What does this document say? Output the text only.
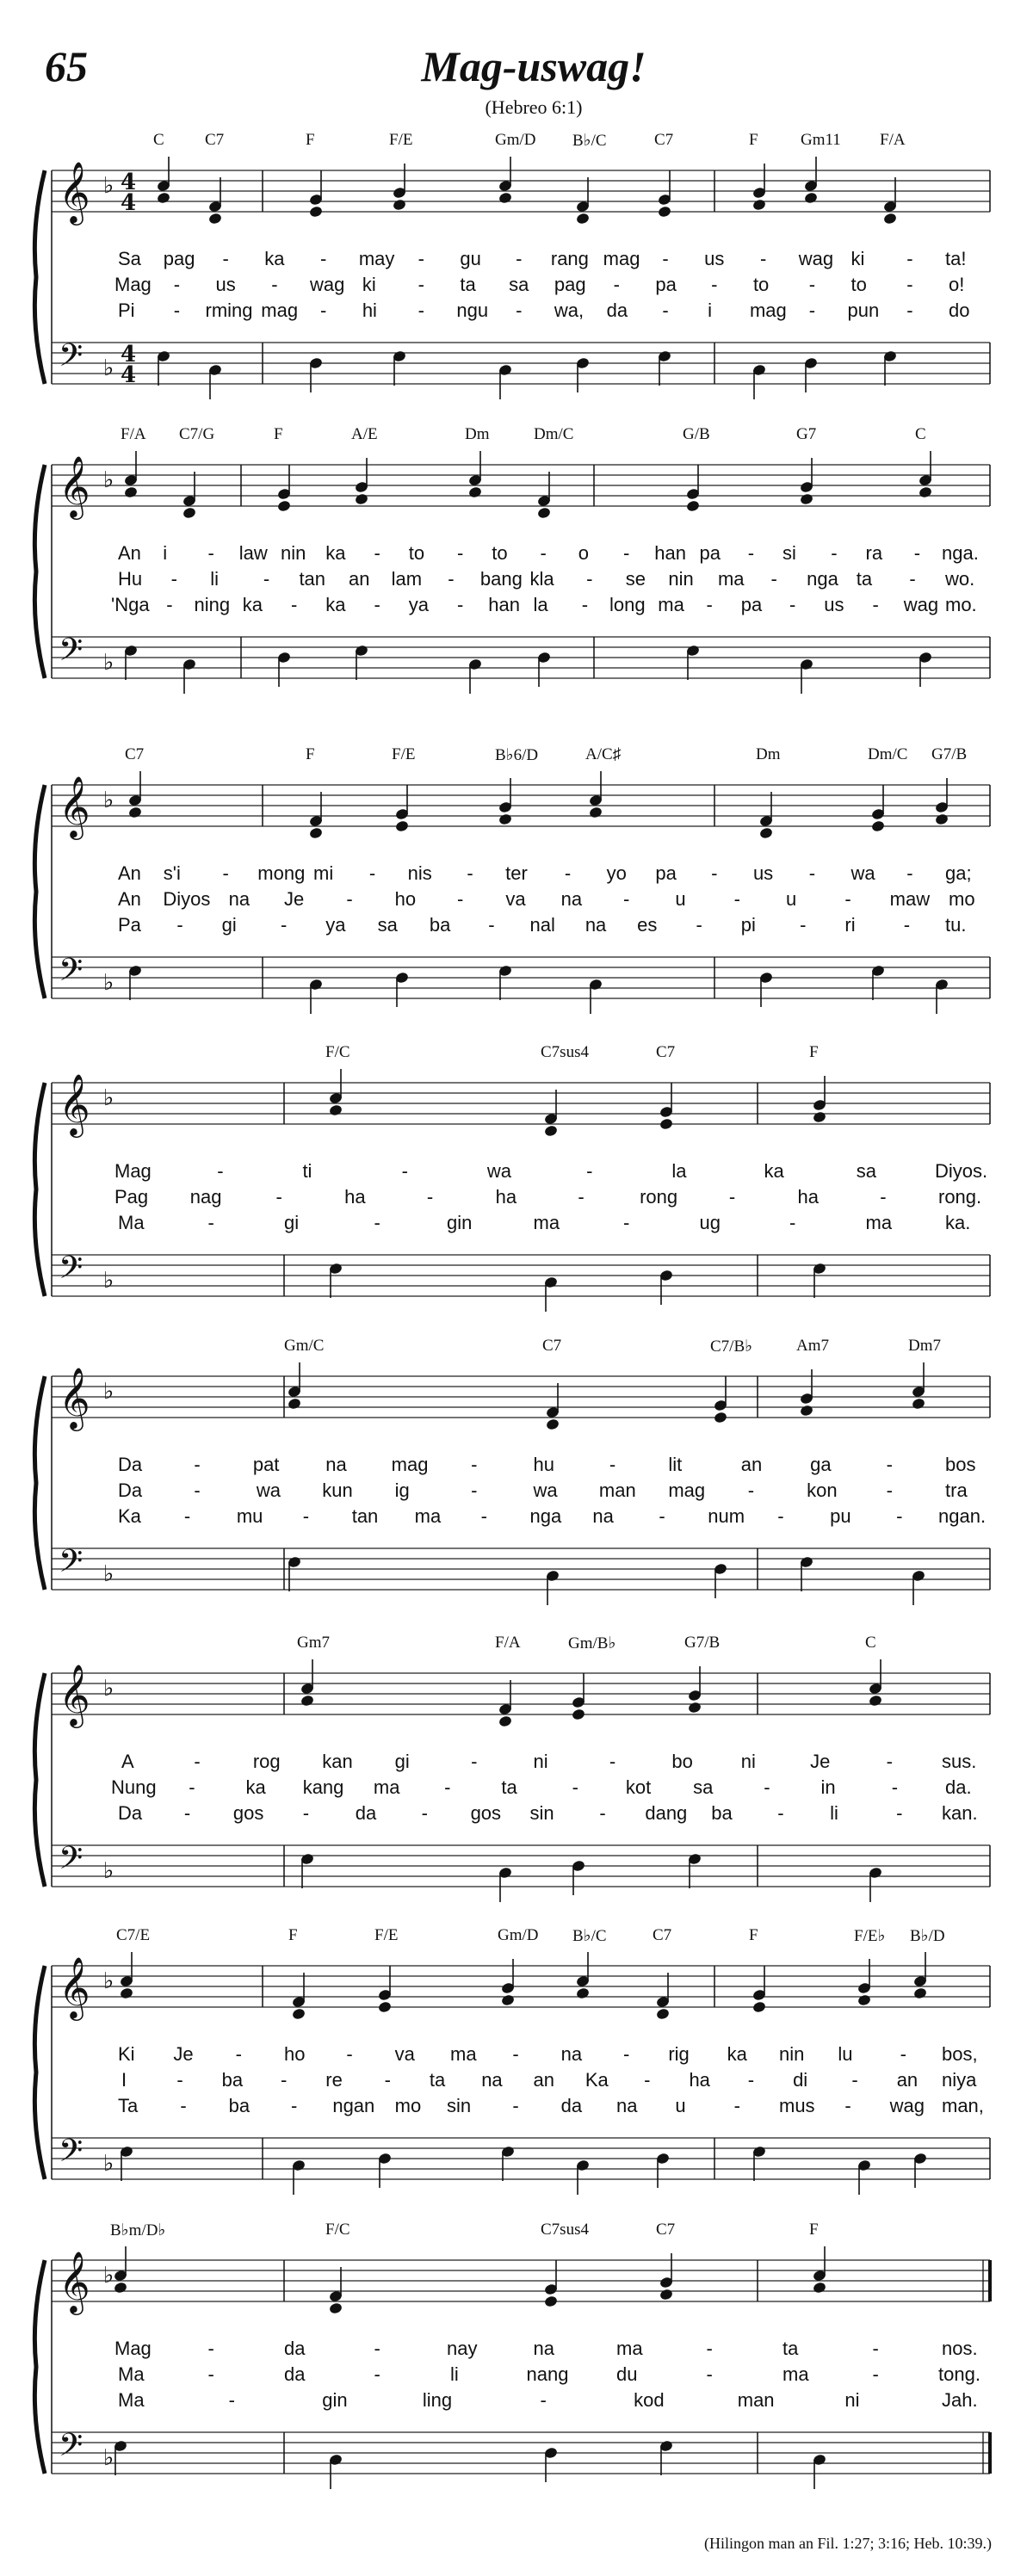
65	Mag-uswag!
(Hebreo 6:1)
C C7	F	F/E	Gm/D B♭/C	C7	F	Gm11 F/A
𝄞 ♭
𝄢 ♭
4
4
4
4
Sa pag - ka - may - gu - rang mag - us - wag ki - ta!
Mag - us - wag ki - ta sa pag - pa - to - to - o!
Pi - rming mag - hi - ngu - wa, da - i mag - pun - do
F/A C7/G	F	A/E	Dm	Dm/C	G/B	G7	C
𝄞 ♭
𝄢 ♭
An i - law nin ka - to - to - o - han pa - si - ra - nga.
Hu - li - tan an lam - bang kla - se nin ma - nga ta - wo.
'Nga - ning ka - ka - ya - han la - long ma - pa - us - wag mo.
C7	F	F/E	B♭6/D	A/C♯	Dm	Dm/C G7/B
𝄞 ♭
𝄢 ♭
An s'i - mong mi - nis - ter - yo pa - us - wa - ga;
An Diyos na Je - ho - va na - u	- u	- maw mo
Pa - gi - ya sa ba - nal na es - pi - ri	- tu.
F/C	C7sus4	C7	F
𝄞 ♭
𝄢 ♭
Mag	-	ti	-	wa	-	la	ka	sa	Diyos.
Pag nag	-	ha	-	ha	-	rong	-	ha	-	rong.
Ma	-	gi	-	gin	ma	-	ug	-	ma	ka.
Gm/C	C7	C7/B♭	Am7	Dm7
𝄞 ♭
𝄢 ♭
Da	-	pat na mag -	hu	-	lit	an	ga	-	bos
Da	-	wa kun ig	-	wa man mag -	kon	-	tra
Ka - mu - tan ma - nga na - num - pu - ngan.
Gm7	F/A	Gm/B♭	G7/B	C
𝄞 ♭
𝄢 ♭
A	-	rog kan gi	-	ni	-	bo	ni	Je	-	sus.
Nung -	ka kang ma -	ta	- kot sa	-	in	- da.
Da - gos - da - gos sin - dang ba - li	- kan.
C7/E	F	F/E	Gm/D B♭/C	C7	F	F/E♭ B♭/D
𝄞 ♭
𝄢 ♭
Ki Je - ho - va ma - na - rig ka nin lu	- bos,
I	- ba - re - ta na an Ka - ha - di - an niya
Ta - ba - ngan mo sin - da na u	- mus - wag man,
B♭m/D♭	F/C	C7sus4	C7	F
𝄞 ♭
𝄢 ♭
Mag	-	da	-	nay	na	ma	-	ta	-	nos.
Ma	-	da	-	li	nang	du	-	ma	-	tong.
Ma	-	gin	ling	-	kod	man	ni	Jah.
(Hilingon man an Fil. 1:27; 3:16; Heb. 10:39.)
